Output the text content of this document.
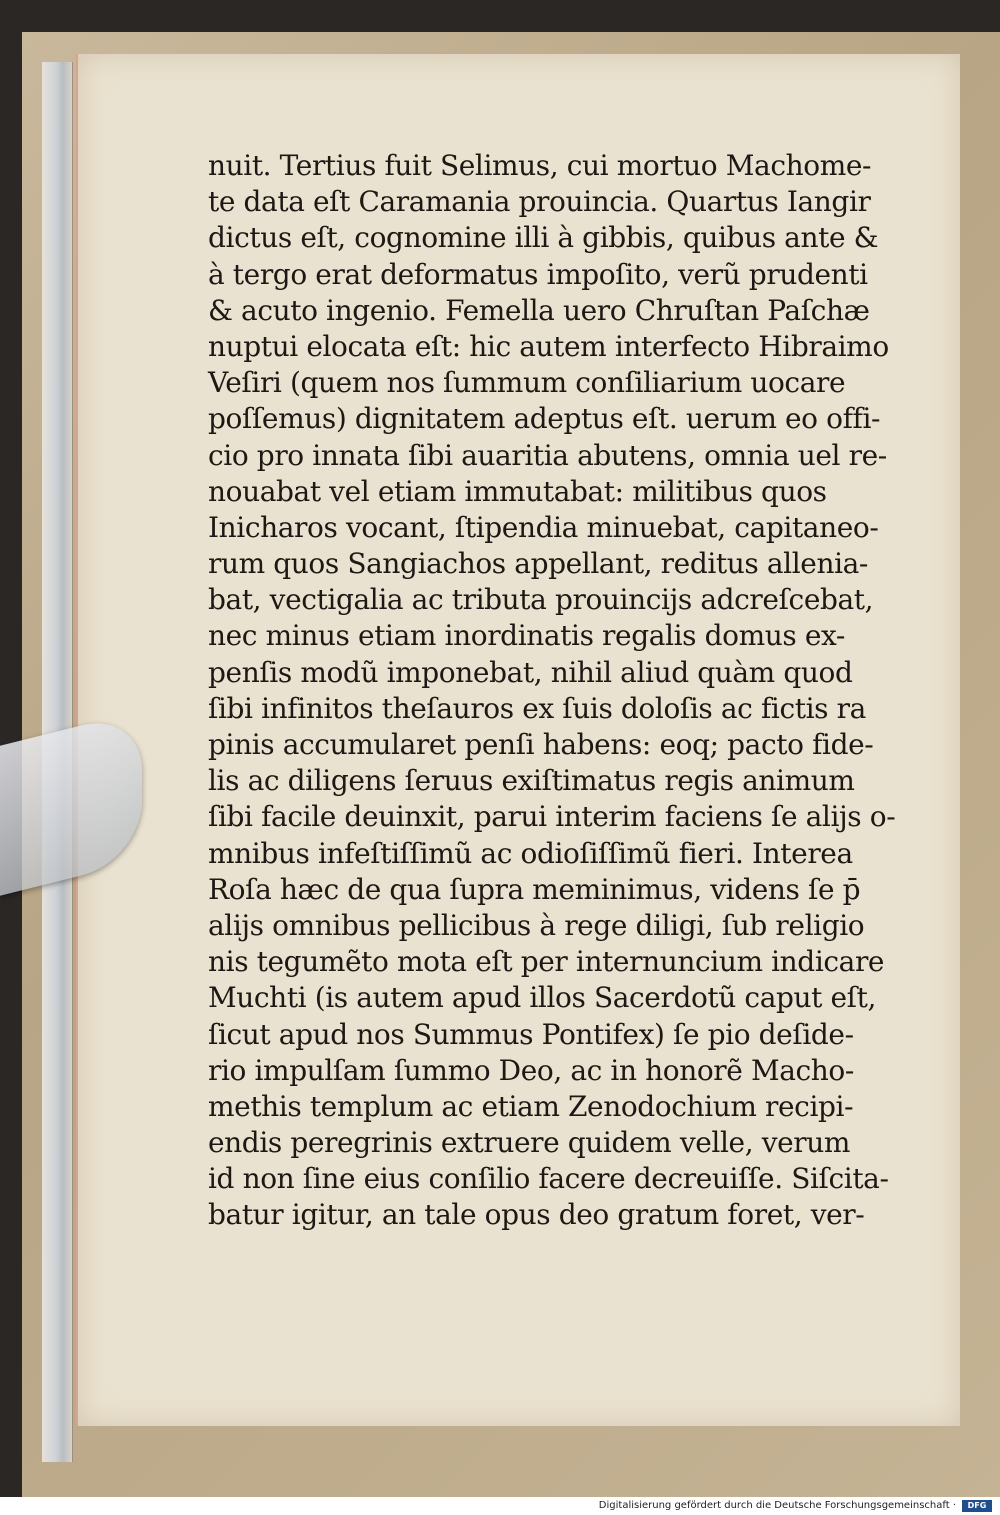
nuit. Tertius fuit Selimus, cui mortuo Machome-
te data eſt Caramania prouincia. Quartus Iangir
dictus eſt, cognomine illi à gibbis, quibus ante &
à tergo erat deformatus impoſito, verũ prudenti
& acuto ingenio. Femella uero Chruſtan Paſchæ
nuptui elocata eſt: hic autem interfecto Hibraimo
Veſiri (quem nos ſummum conſiliarium uocare
poſſemus) dignitatem adeptus eſt. uerum eo offi-
cio pro innata ſibi auaritia abutens, omnia uel re-
nouabat vel etiam immutabat: militibus quos
Inicharos vocant, ſtipendia minuebat, capitaneo-
rum quos Sangiachos appellant, reditus allenia-
bat, vectigalia ac tributa prouincijs adcreſcebat,
nec minus etiam inordinatis regalis domus ex-
penſis modũ imponebat, nihil aliud quàm quod
ſibi infinitos theſauros ex ſuis doloſis ac fictis ra
pinis accumularet penſi habens: eoq; pacto fide-
lis ac diligens ſeruus exiſtimatus regis animum
ſibi facile deuinxit, parui interim faciens ſe alijs o-
mnibus infeſtiſſimũ ac odioſiſſimũ fieri. Interea
Roſa hæc de qua ſupra meminimus, videns ſe p̄
alijs omnibus pellicibus à rege diligi, ſub religio
nis tegumẽto mota eſt per internuncium indicare
Muchti (is autem apud illos Sacerdotũ caput eſt,
ſicut apud nos Summus Pontifex) ſe pio deſide-
rio impulſam ſummo Deo, ac in honorẽ Macho-
methis templum ac etiam Zenodochium recipi-
endis peregrinis extruere quidem velle, verum
id non ſine eius conſilio facere decreuiſſe. Siſcita-
batur igitur, an tale opus deo gratum foret, ver-
Digitalisierung gefördert durch die Deutsche Forschungsgemeinschaft ·	DFG
